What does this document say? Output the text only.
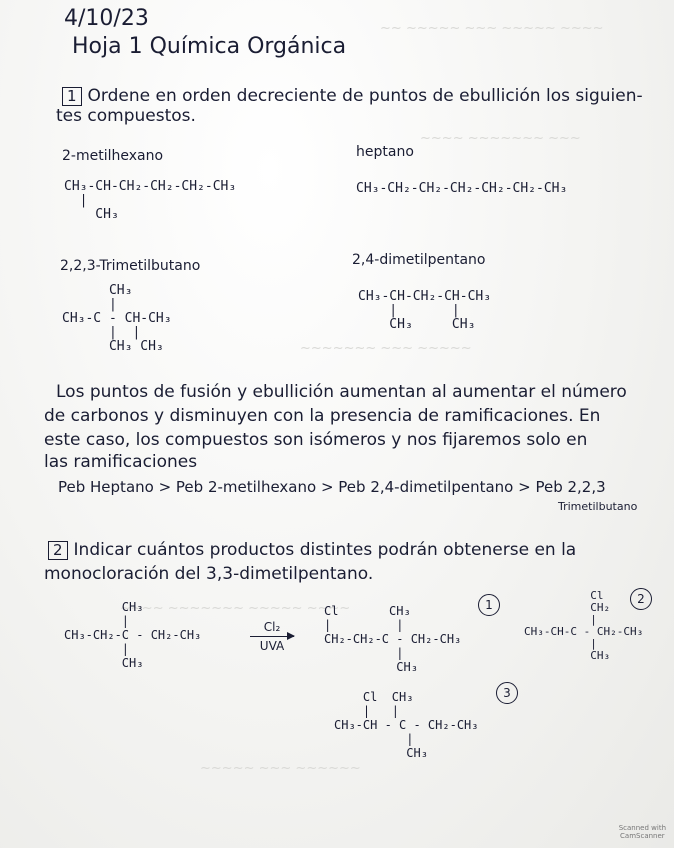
~~~~ ~~~~~ ~~~ ~~~~~ ~~
~~~ ~~~~~~~ ~~~~
~~~~~ ~~~ ~~~~~~~
~~~~ ~~~~~ ~~~~~~~ ~~~~
~~~~~~ ~~~ ~~~~~
4/10/23
Hoja 1 Química Orgánica
1 Ordene en orden decreciente de puntos de ebullición los siguien-
tes compuestos.
2-metilhexano
CH₃-CH-CH₂-CH₂-CH₂-CH₃
|
CH₃
heptano
CH₃-CH₂-CH₂-CH₂-CH₂-CH₂-CH₃
2,2,3-Trimetilbutano
CH₃
|
CH₃-C - CH-CH₃
|  |
CH₃ CH₃
2,4-dimetilpentano
CH₃-CH-CH₂-CH-CH₃
|       |
CH₃     CH₃
Los puntos de fusión y ebullición aumentan al aumentar el número
de carbonos y disminuyen con la presencia de ramificaciones. En
este caso, los compuestos son isómeros y nos fijaremos solo en
las ramificaciones
Peb Heptano > Peb 2-metilhexano > Peb 2,4-dimetilpentano > Peb 2,2,3
Trimetilbutano
2 Indicar cuántos productos distintes podrán obtenerse en la
monocloración del 3,3-dimetilpentano.
CH₃
|
CH₃-CH₂-C - CH₂-CH₃
|
CH₃
Cl₂
UVA
1
Cl       CH₃
|         |
CH₂-CH₂-C - CH₂-CH₃
|
CH₃
2
Cl
CH₂
|
CH₃-CH-C - CH₂-CH₃
|
CH₃
3
Cl  CH₃
|   |
CH₃-CH - C - CH₂-CH₃
|
CH₃
Scanned with
CamScanner
